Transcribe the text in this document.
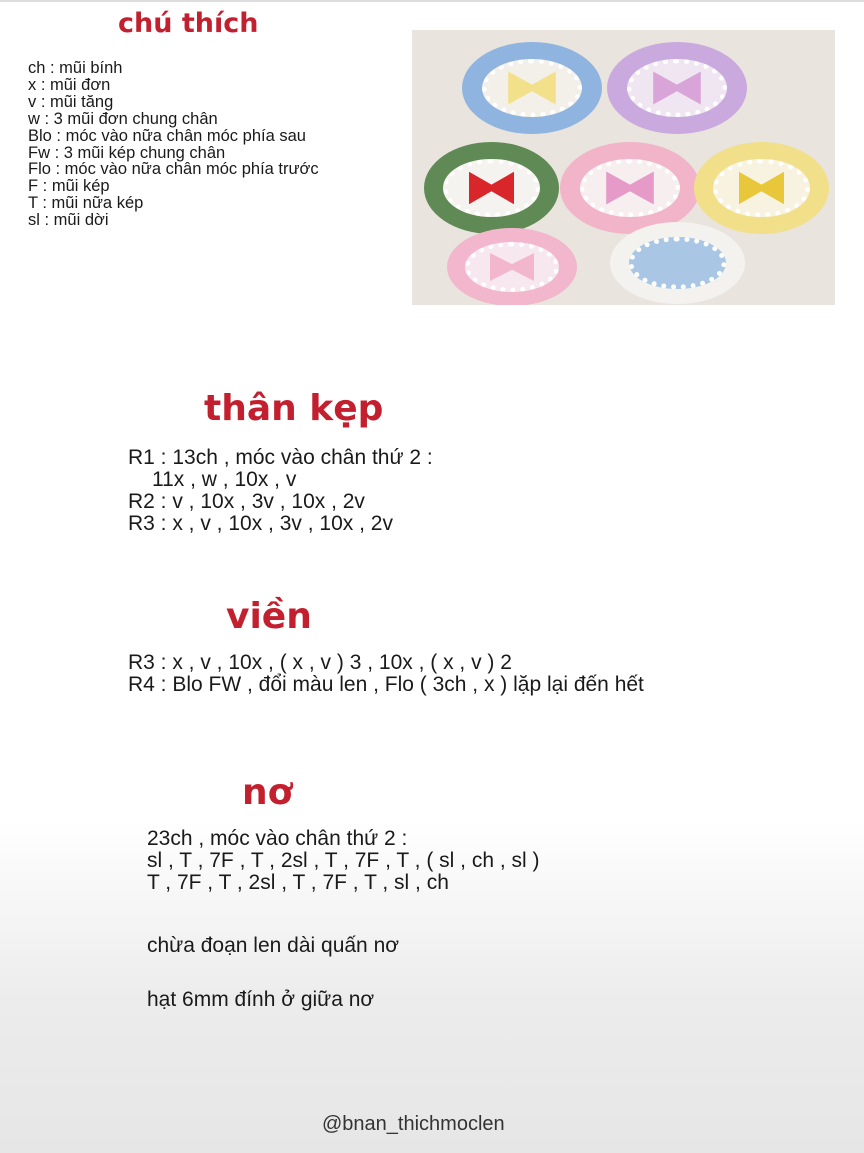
chú thích
ch : mũi bính
x : mũi đơn
v : mũi tăng
w : 3 mũi đơn chung chân
Blo : móc vào nữa chân móc phía sau
Fw : 3 mũi kép chung chân
Flo : móc vào nữa chân móc phía trước
F : mũi kép
T : mũi nữa kép
sl : mũi dời
thân kẹp
R1 : 13ch , móc vào chân thứ 2 :
11x , w , 10x , v
R2 : v , 10x , 3v , 10x , 2v
R3 : x , v , 10x , 3v , 10x , 2v
viền
R3 : x , v , 10x , ( x , v ) 3 , 10x , ( x , v ) 2
R4 : Blo FW , đổi màu len , Flo ( 3ch , x ) lặp lại đến hết
nơ
23ch , móc vào chân thứ 2 :
sl , T , 7F , T , 2sl , T , 7F , T , ( sl , ch , sl )
T , 7F , T , 2sl , T , 7F , T , sl , ch
chừa đoạn len dài quấn nơ
hạt 6mm đính ở giữa nơ
@bnan_thichmoclen
